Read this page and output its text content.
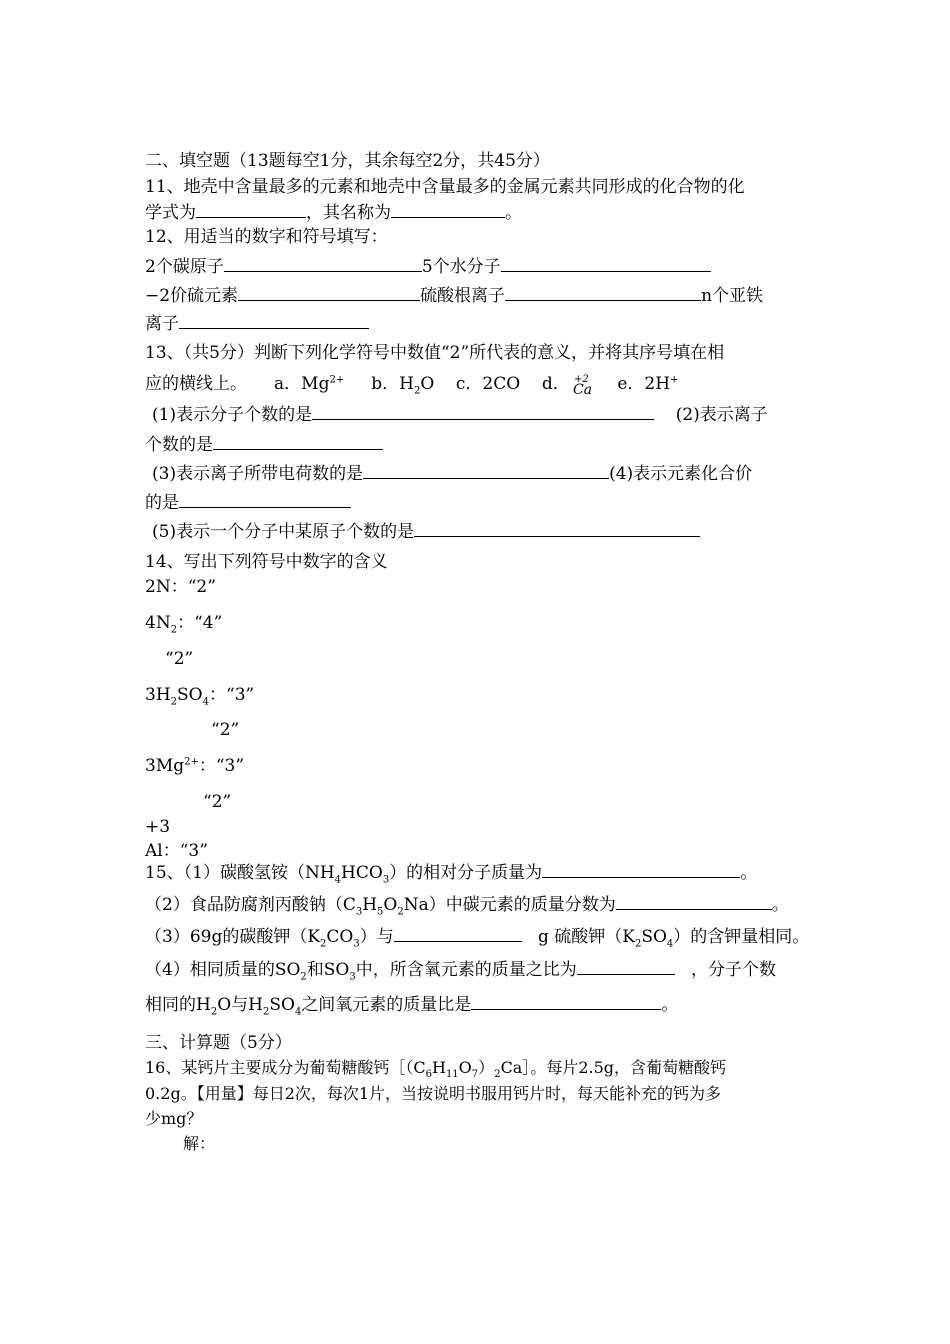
二、填空题（13题每空1分，其余每空2分，共45分）
11、地壳中含量最多的元素和地壳中含量最多的金属元素共同形成的化合物的化
学式为	，其名称为	。
12、用适当的数字和符号填写：
2个碳原子	5个水分子
−2价硫元素	硫酸根离子	n个亚铁
离子
13、（共5分）判断下列化学符号中数值“2”所代表的意义，并将其序号填在相
应的横线上。 a．$Mg^{2+}$ b．$H_2O$ c．2CO d． +2
Ca e．2H+
(1)表示分子个数的是	(2)表示离子
个数的是
(3)表示离子所带电荷数的是	(4)表示元素化合价
的是
(5)表示一个分子中某原子个数的是
14、写出下列符号中数字的含义
2N：“2”
$4N_2$：“4”
“2”
$3H_2SO_4$：“3”
“2”
$3Mg^{2+}$：“3”
“2”
+3
Al：“3”
15、（1）碳酸氢铵$(NH_4HCO_3)$的相对分子质量为	。
（2）食品防腐剂丙酸钠$(C_3H_5O_2Na)$中碳元素的质量分数为	。
（3）69g的碳酸钾$(K_2CO_3)$与	g 硫酸钾$(K_2SO_4)$的含钾量相同。
（4）相同质量的$SO_2$和$SO_3$中，所含氧元素的质量之比为	，分子个数
相同的$H_2O$与$H_2SO_4$之间氧元素的质量比是	。
三、计算题（5分）
16、某钙片主要成分为葡萄糖酸钙$[(C_6H_{11}O_7)_2Ca]$。每片2.5g，含葡萄糖酸钙
0.2g。【用量】每日2次，每次1片，当按说明书服用钙片时，每天能补充的钙为多
少mg？
解：
